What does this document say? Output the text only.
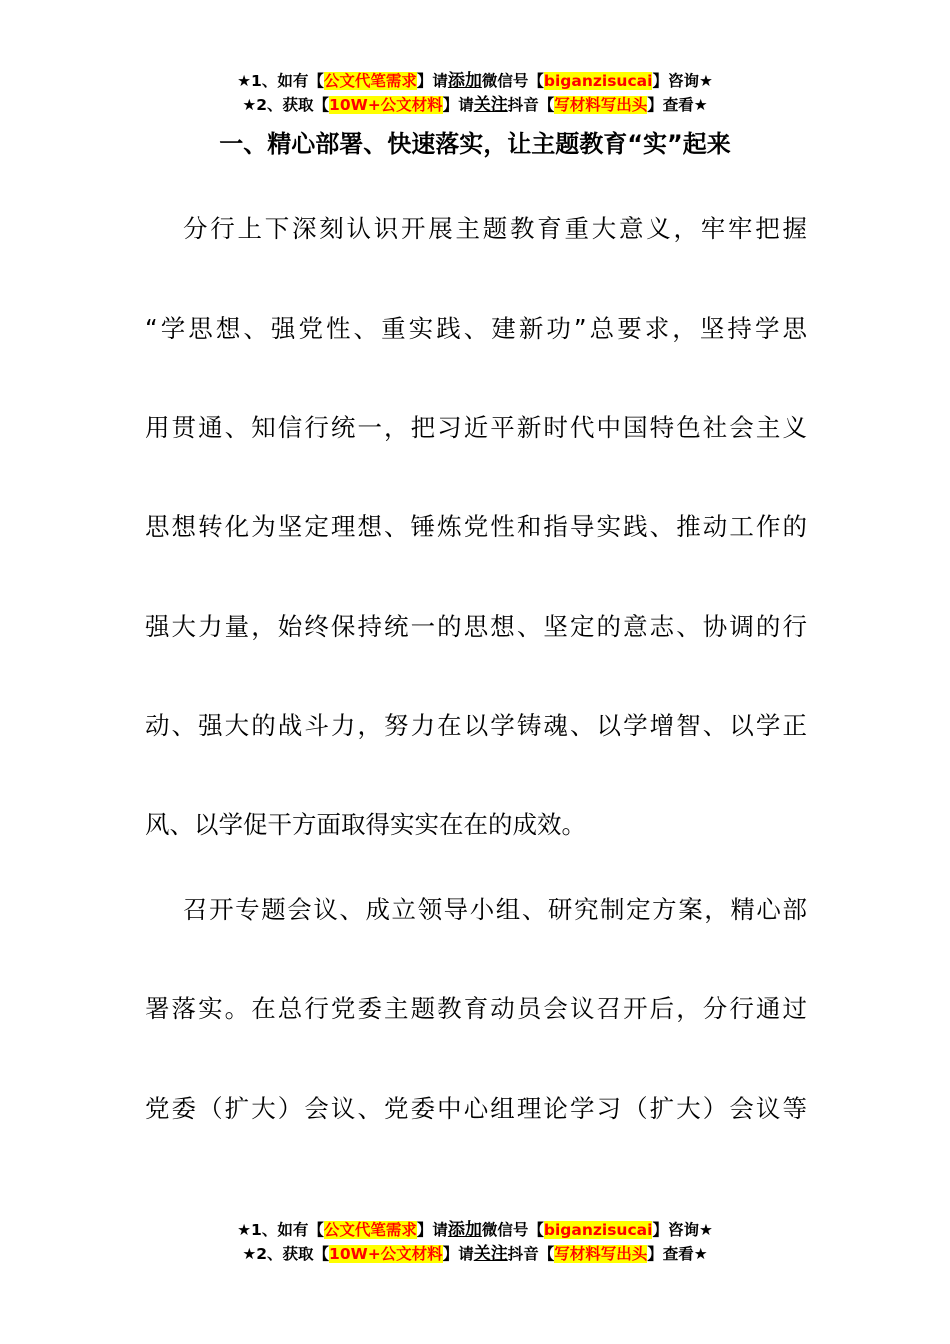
★1、如有【公文代笔需求】请添加微信号【biganzisucai】咨询★
★2、获取【10W+公文材料】请关注抖音【写材料写出头】查看★
一、精心部署、快速落实，让主题教育“实”起来
分行上下深刻认识开展主题教育重大意义，牢牢把握
“学思想、强党性、重实践、建新功”总要求，坚持学思
用贯通、知信行统一，把习近平新时代中国特色社会主义
思想转化为坚定理想、锤炼党性和指导实践、推动工作的
强大力量，始终保持统一的思想、坚定的意志、协调的行
动、强大的战斗力，努力在以学铸魂、以学增智、以学正
风、以学促干方面取得实实在在的成效。
召开专题会议、成立领导小组、研究制定方案，精心部
署落实。在总行党委主题教育动员会议召开后，分行通过
党委（扩大）会议、党委中心组理论学习（扩大）会议等
★1、如有【公文代笔需求】请添加微信号【biganzisucai】咨询★
★2、获取【10W+公文材料】请关注抖音【写材料写出头】查看★
